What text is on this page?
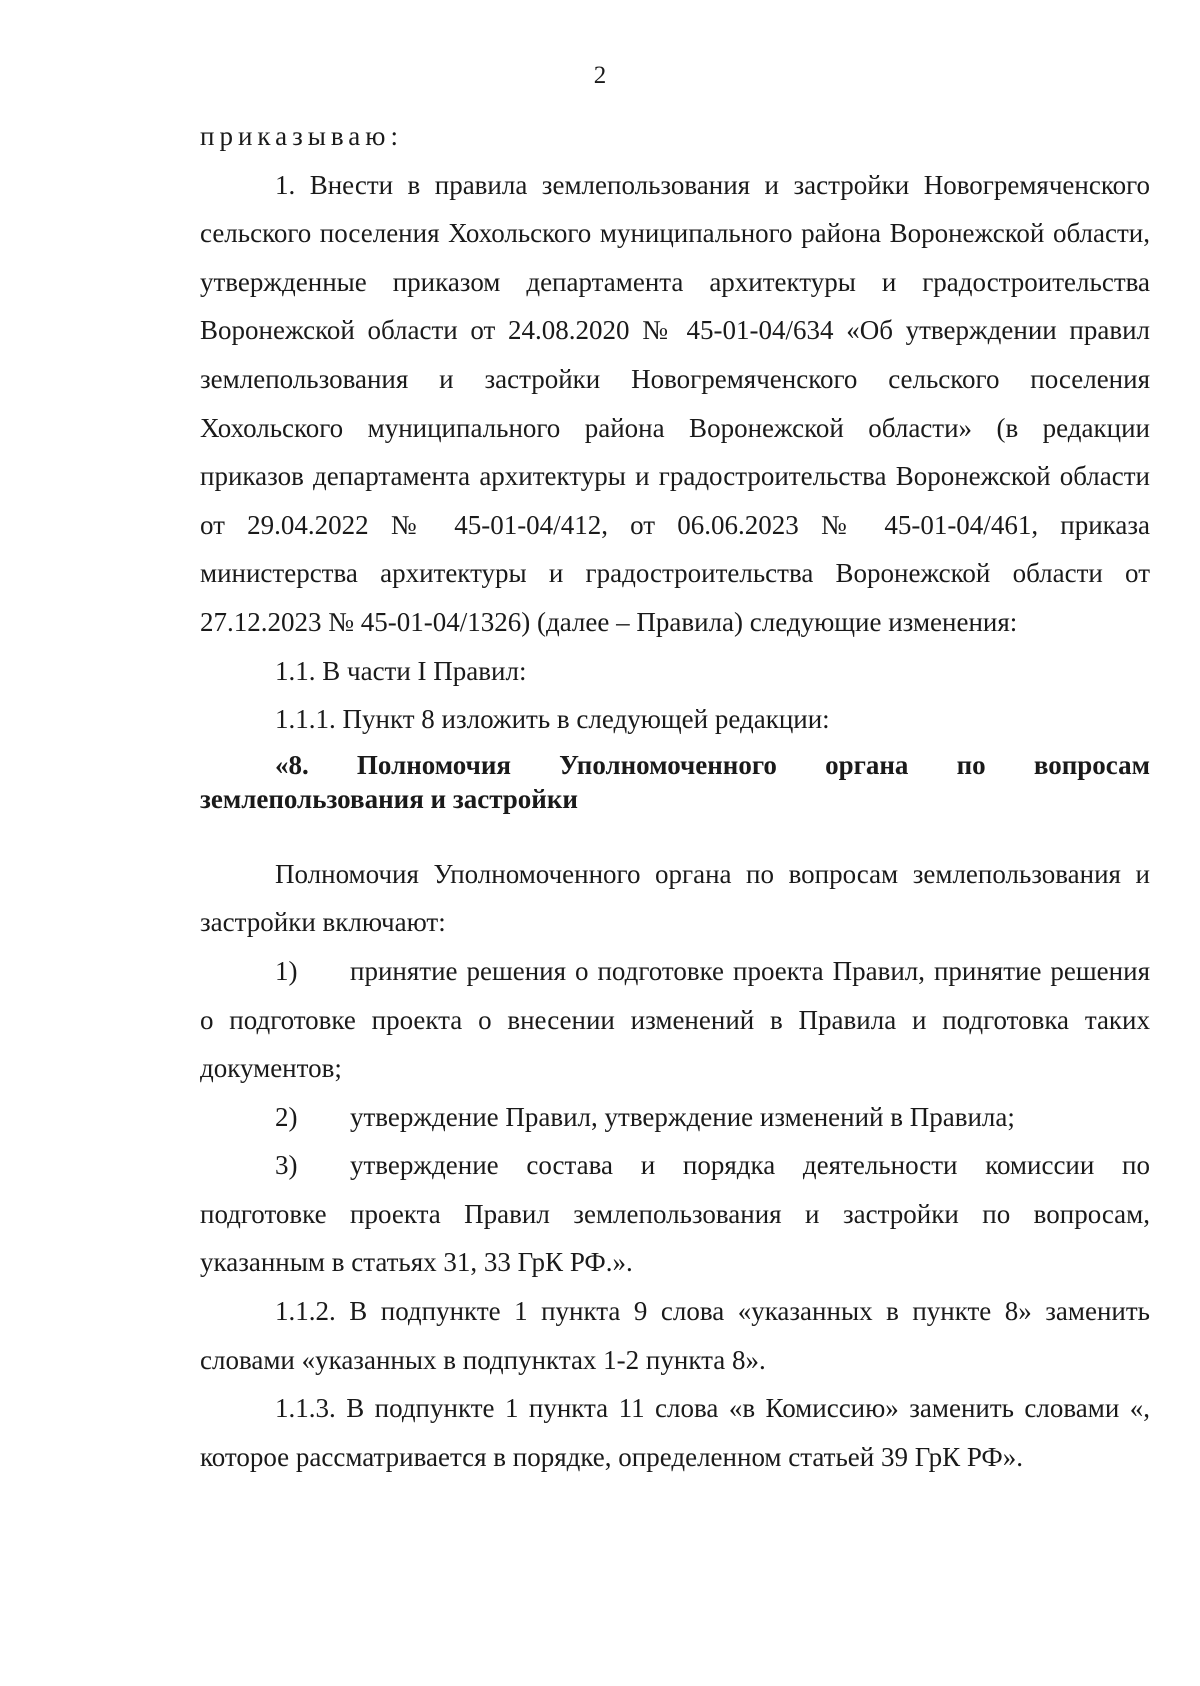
2

приказываю:

1. Внести в правила землепользования и застройки Новогремяченского сельского поселения Хохольского муниципального района Воронежской области, утвержденные приказом департамента архитектуры и градостроительства Воронежской области от 24.08.2020 № 45-01-04/634 «Об утверждении правил землепользования и застройки Новогремяченского сельского поселения Хохольского муниципального района Воронежской области» (в редакции приказов департамента архитектуры и градостроительства Воронежской области от 29.04.2022 № 45-01-04/412, от 06.06.2023 № 45-01-04/461, приказа министерства архитектуры и градостроительства Воронежской области от 27.12.2023 № 45-01-04/1326) (далее – Правила) следующие изменения:

1.1. В части I Правил:

1.1.1. Пункт 8 изложить в следующей редакции:

«8. Полномочия Уполномоченного органа по вопросам землепользования и застройки

Полномочия Уполномоченного органа по вопросам землепользования и застройки включают:

1) принятие решения о подготовке проекта Правил, принятие решения о подготовке проекта о внесении изменений в Правила и подготовка таких документов;

2) утверждение Правил, утверждение изменений в Правила;

3) утверждение состава и порядка деятельности комиссии по подготовке проекта Правил землепользования и застройки по вопросам, указанным в статьях 31, 33 ГрК РФ.».

1.1.2. В подпункте 1 пункта 9 слова «указанных в пункте 8» заменить словами «указанных в подпунктах 1-2 пункта 8».

1.1.3. В подпункте 1 пункта 11 слова «в Комиссию» заменить словами «, которое рассматривается в порядке, определенном статьей 39 ГрК РФ».
